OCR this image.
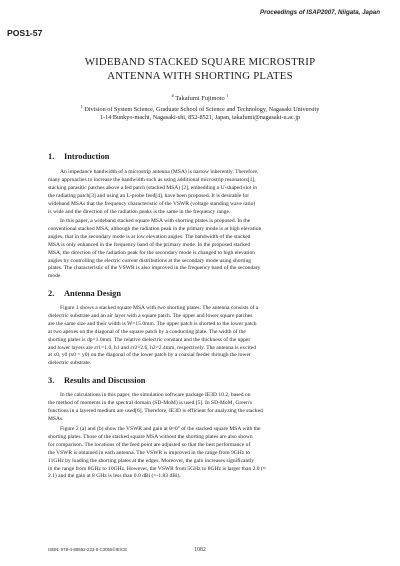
Proceedings of ISAP2007, Niigata, Japan
POS1-57
WIDEBAND STACKED SQUARE MICROSTRIP
ANTENNA WITH SHORTING PLATES
# Takafumi Fujimoto $^1$
$^1$ Division of System Science, Graduate School of Science and Technology, Nagasaki University
1-14 Bunkyo-machi, Nagasaki-shi, 852-8521, Japan, takafumi@nagasaki-u.ac.jp
1. Introduction
An impedance bandwidth of a microstrip antenna (MSA) is narrow inherently. Therefore,
many approaches to increase the bandwidth such as using additional microstrip resonators[1],
stacking parasitic patches above a fed patch (stacked MSA) [2], embedding a U-shaped slot in
the radiating patch[3] and using an L-probe feed[4], have been proposed. It is desirable for
wideband MSAs that the frequency characteristic of the VSWR (voltage standing wave ratio)
is wide and the direction of the radiation peaks is the same in the frequency range.
In this paper, a wideband stacked square MSA with shorting plates is proposed. In the
conventional stacked MSA, although the radiation peak in the primary mode is at high elevation
angles, that in the secondary mode is at low elevation angles. The bandwidth of the stacked
MSA is only enhanced in the frequency band of the primary mode. In the proposed stacked
MSA, the direction of the radiation peak for the secondary mode is changed to high elevation
angles by controlling the electric current distributions at the secondary mode using shorting
plates. The characteristic of the VSWR is also improved in the frequency band of the secondary
mode.
2. Antenna Design
Figure 1 shows a stacked square MSA with two shorting plates. The antenna consists of a
dielectric substrate and an air layer with a square patch. The upper and lower square patches
are the same size and their width is W=15.0mm. The upper patch is shorted to the lower patch
at two apexes on the diagonal of the square patch by a conducting plate. The width of the
shorting plates is dp=1.0mm. The relative dielectric constant and the thickness of the upper
and lower layers are εr1=1.0, h1 and εr2=2.6, h2=2.4mm, respectively. The antenna is excited
at x0, y0 (x0 = y0) on the diagonal of the lower patch by a coaxial feeder through the lower
dielectric substrate.
3. Results and Discussion
In the calculations in this paper, the simulation software package IE3D 10.2, based on
the method of moments in the spectral domain (SD-MoM) is used [5]. In SD-MoM, Green's
functions in a layered medium are used[6]. Therefore, IE3D is efficient for analyzing the stacked
MSAs.
Figure 2 (a) and (b) show the VSWR and gain at θ=0° of the stacked square MSA with the
shorting plates. Those of the stacked square MSA without the shorting plates are also shown
for comparison. The locations of the feed point are adjusted so that the best performance of
the VSWR is obtained in each antenna. The VSWR is improved in the range from 9GHz to
11GHz by loading the shorting plates at the edges. Moreover, the gain increases significantly
in the range from 8GHz to 10GHz. However, the VSWR from 5GHz to 8GHz is larger than 2.0 (≈
2.1) and the gain at 8 GHz is less than 0.0 dBi (=-1.83 dBi).
ISBN: 978-4-88552-223-9 C3055©IEICE	1082
